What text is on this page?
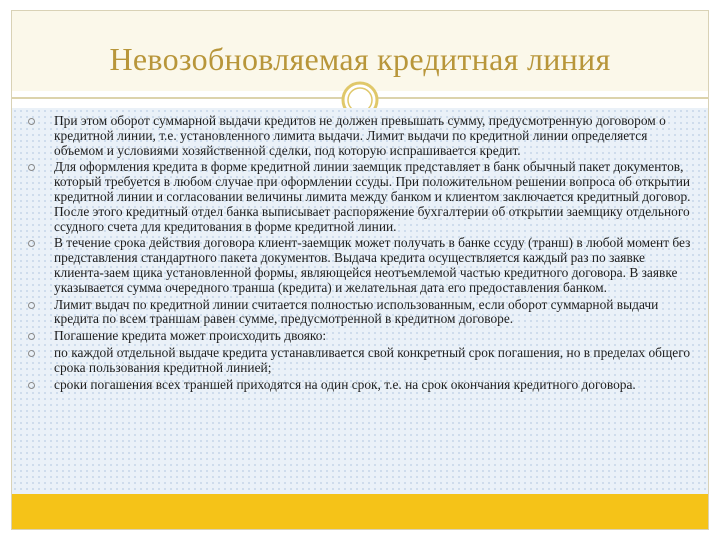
Невозобновляемая кредитная линия
При этом оборот суммарной выдачи кредитов не должен превышать сумму, предусмотренную договором о кредитной линии, т.е. установленного лимита выдачи. Лимит выдачи по кредитной линии определяется объемом и условиями хозяйственной сделки, под которую испрашивается кредит.
Для оформления кредита в форме кредитной линии заемщик представляет в банк обычный пакет документов, который требуется в любом случае при оформлении ссуды. При положительном решении вопроса об открытии кредитной линии и согласовании величины лимита между банком и клиентом заключается кредитный договор. После этого кредитный отдел банка выписывает распоряжение бухгалтерии об открытии заемщику отдельного ссудного счета для кредитования в форме кредитной линии.
В течение срока действия договора клиент-заемщик может получать в банке ссуду (транш) в любой момент без представления стандартного пакета документов. Выдача кредита осуществляется каждый раз по заявке клиента-заем щика установленной формы, являющейся неотъемлемой частью кредитного договора. В заявке указывается сумма очередного транша (кредита) и желательная дата его предоставления банком.
Лимит выдач по кредитной линии считается полностью использованным, если оборот суммарной выдачи кредита по всем траншам равен сумме, предусмотренной в кредитном договоре.
Погашение кредита может происходить двояко:
по каждой отдельной выдаче кредита устанавливается свой конкретный срок погашения, но в пределах общего срока пользования кредитной линией;
сроки погашения всех траншей приходятся на один срок, т.е. на срок окончания кредитного договора.
